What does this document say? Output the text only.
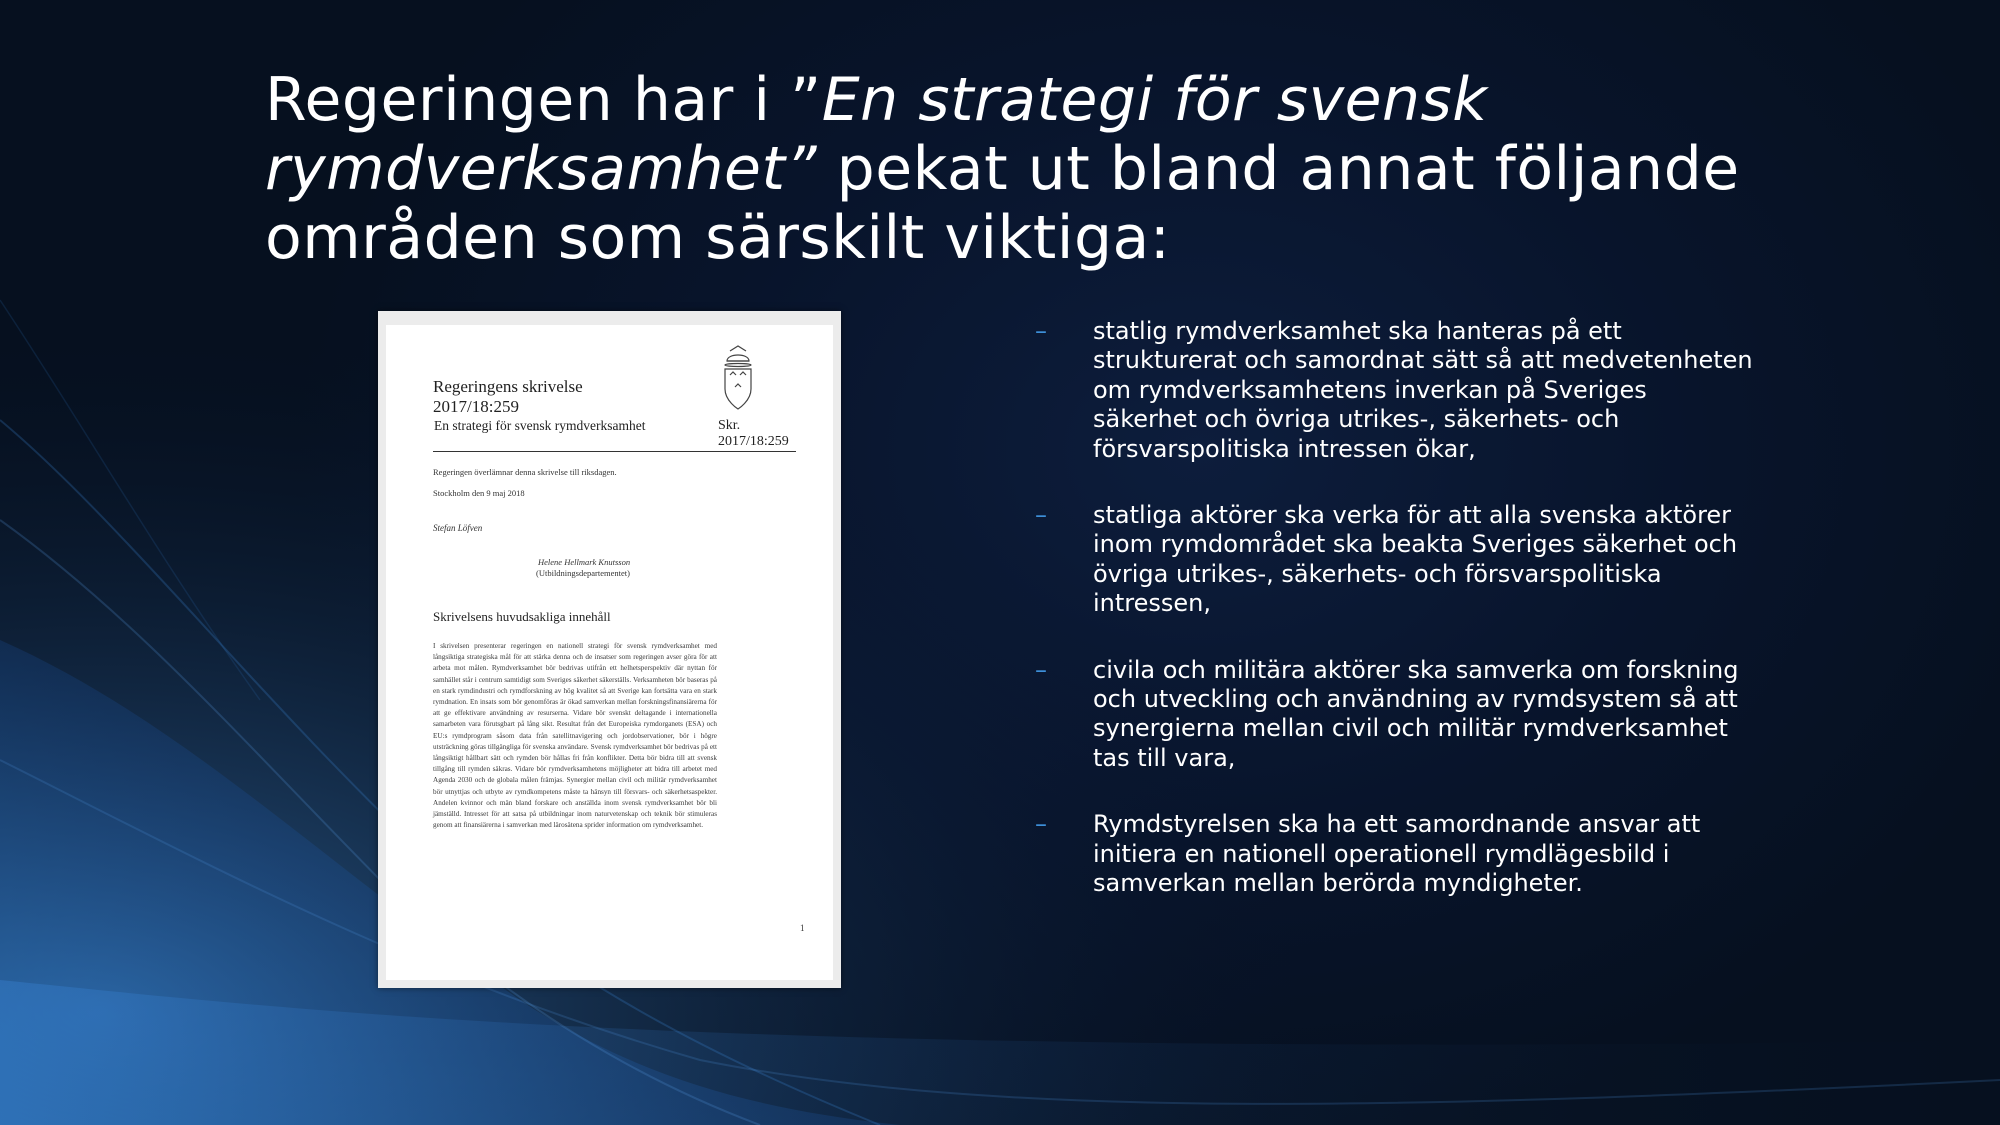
Regeringen har i ”En strategi för svensk rymdverksamhet” pekat ut bland annat följande områden som särskilt viktiga:
Regeringens skrivelse
2017/18:259
En strategi för svensk rymdverksamhet	Skr.
2017/18:259
Regeringen överlämnar denna skrivelse till riksdagen.
Stockholm den 9 maj 2018
Stefan Löfven
Helene Hellmark Knutsson
(Utbildningsdepartementet)
Skrivelsens huvudsakliga innehåll
I skrivelsen presenterar regeringen en nationell strategi för svensk rymdverksamhet med långsiktiga strategiska mål för att stärka denna och de insatser som regeringen avser göra för att arbeta mot målen. Rymdverksamhet bör bedrivas utifrån ett helhetsperspektiv där nyttan för samhället står i centrum samtidigt som Sveriges säkerhet säkerställs. Verksamheten bör baseras på en stark rymdindustri och rymdforskning av hög kvalitet så att Sverige kan fortsätta vara en stark rymdnation. En insats som bör genomföras är ökad samverkan mellan forskningsfinansiärerna för att ge effektivare användning av resurserna. Vidare bör svenskt deltagande i internationella samarbeten vara förutsgbart på lång sikt. Resultat från det Europeiska rymdorganets (ESA) och EU:s rymdprogram såsom data från satellitnavigering och jordobservationer, bör i högre utsträckning göras tillgängliga för svenska användare. Svensk rymdverksamhet bör bedrivas på ett långsiktigt hållbart sätt och rymden bör hållas fri från konflikter. Detta bör bidra till att svensk tillgång till rymden säkras. Vidare bör rymdverksamhetens möjligheter att bidra till arbetet med Agenda 2030 och de globala målen främjas. Synergier mellan civil och militär rymdverksamhet bör utnyttjas och utbyte av rymdkompetens måste ta hänsyn till försvars- och säkerhetsaspekter. Andelen kvinnor och män bland forskare och anställda inom svensk rymdverksamhet bör bli jämställd. Intresset för att satsa på utbildningar inom naturvetenskap och teknik bör stimuleras genom att finansiärerna i samverkan med lärosätena sprider information om rymdverksamhet.
1
– statlig rymdverksamhet ska hanteras på ett strukturerat och samordnat sätt så att medvetenheten om rymdverksamhetens inverkan på Sveriges säkerhet och övriga utrikes-, säkerhets- och försvarspolitiska intressen ökar,
– statliga aktörer ska verka för att alla svenska aktörer inom rymdområdet ska beakta Sveriges säkerhet och övriga utrikes-, säkerhets- och försvarspolitiska intressen,
– civila och militära aktörer ska samverka om forskning och utveckling och användning av rymdsystem så att synergierna mellan civil och militär rymdverksamhet tas till vara,
– Rymdstyrelsen ska ha ett samordnande ansvar att initiera en nationell operationell rymdlägesbild i samverkan mellan berörda myndigheter.
